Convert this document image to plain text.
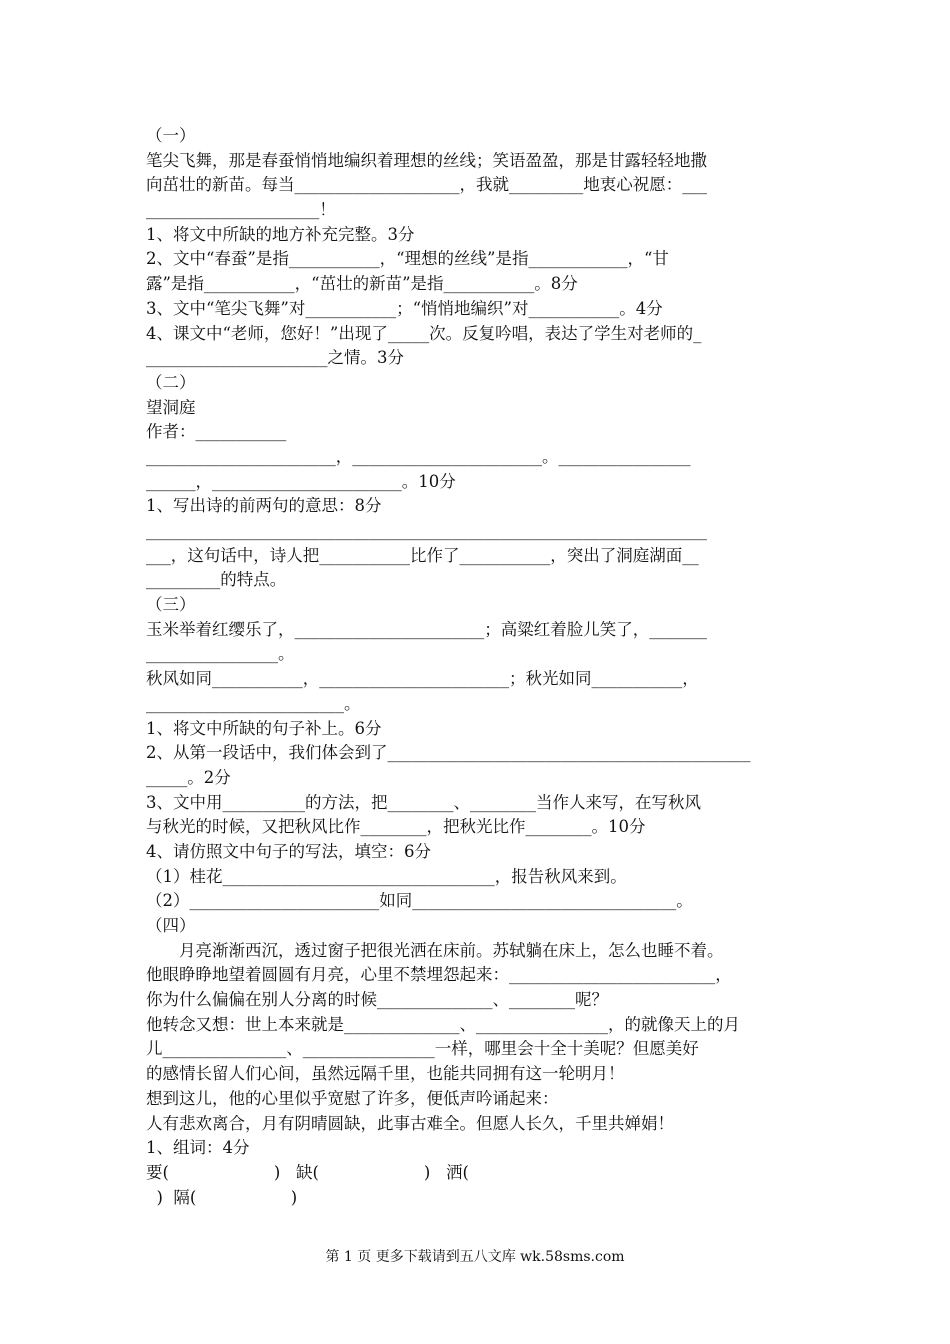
（一）
笔尖飞舞，那是春蚕悄悄地编织着理想的丝线；笑语盈盈，那是甘露轻轻地撒
向茁壮的新苗。每当____________________，我就_________地衷心祝愿：___
_____________________！
1、将文中所缺的地方补充完整。3分
2、文中“春蚕”是指___________，“理想的丝线”是指____________，“甘
露”是指___________，“茁壮的新苗”是指___________。8分
3、文中“笔尖飞舞”对___________；“悄悄地编织”对___________。4分
4、课文中“老师，您好！”出现了_____次。反复吟唱，表达了学生对老师的_
______________________之情。3分
（二）
望洞庭
作者：___________
_______________________，_______________________。________________
______，_______________________。10分
1、写出诗的前两句的意思：8分
____________________________________________________________________
___，这句话中，诗人把___________比作了___________，突出了洞庭湖面__
_________的特点。
（三）
玉米举着红缨乐了，_______________________；高粱红着脸儿笑了，_______
________________。
秋风如同___________，_______________________；秋光如同___________，
________________________。
1、将文中所缺的句子补上。6分
2、从第一段话中，我们体会到了____________________________________________
_____。2分
3、文中用__________的方法，把________、________当作人来写，在写秋风
与秋光的时候，又把秋风比作________，把秋光比作________。10分
4、请仿照文中句子的写法，填空：6分
（1）桂花_________________________________，报告秋风来到。
（2）_______________________如同________________________________。
（四）
月亮渐渐西沉，透过窗子把很光洒在床前。苏轼躺在床上，怎么也睡不着。
他眼睁睁地望着圆圆有月亮，心里不禁埋怨起来：_________________________，
你为什么偏偏在别人分离的时候______________、________呢？
他转念又想：世上本来就是______________、________________，的就像天上的月
儿_______________、________________一样，哪里会十全十美呢？但愿美好
的感情长留人们心间，虽然远隔千里，也能共同拥有这一轮明月！
想到这儿，他的心里似乎宽慰了许多，便低声吟诵起来：
人有悲欢离合，月有阴晴圆缺，此事古难全。但愿人长久，千里共婵娟！
1、组词：4分
要(                    )   缺(                    )   洒(
)  隔(                  )
第 1 页 更多下载请到五八文库 wk.58sms.com
